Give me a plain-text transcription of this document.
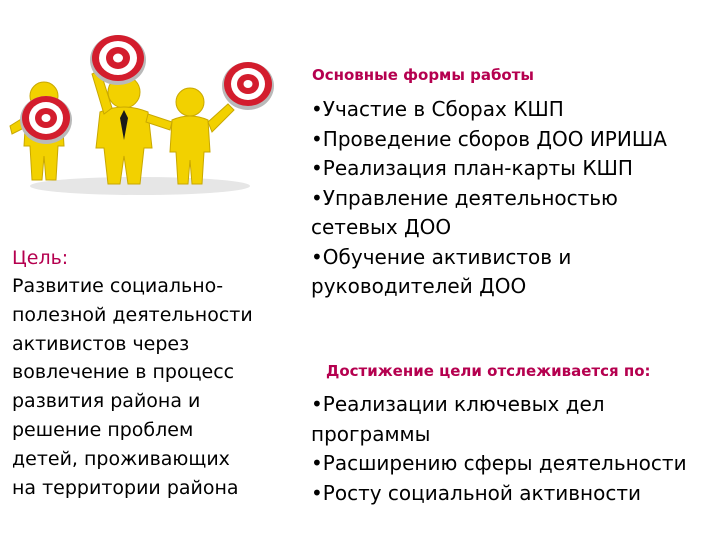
Цель:
Развитие социально-
полезной деятельности
активистов через
вовлечение в процесс
развития района и
решение проблем
детей, проживающих
на территории района
Основные формы работы
•Участие в Сборах КШП
•Проведение сборов ДОО ИРИША
•Реализация план-карты КШП
•Управление деятельностью
сетевых ДОО
•Обучение активистов и
руководителей ДОО
Достижение цели отслеживается по:
•Реализации ключевых дел
программы
•Расширению сферы деятельности
•Росту социальной активности
